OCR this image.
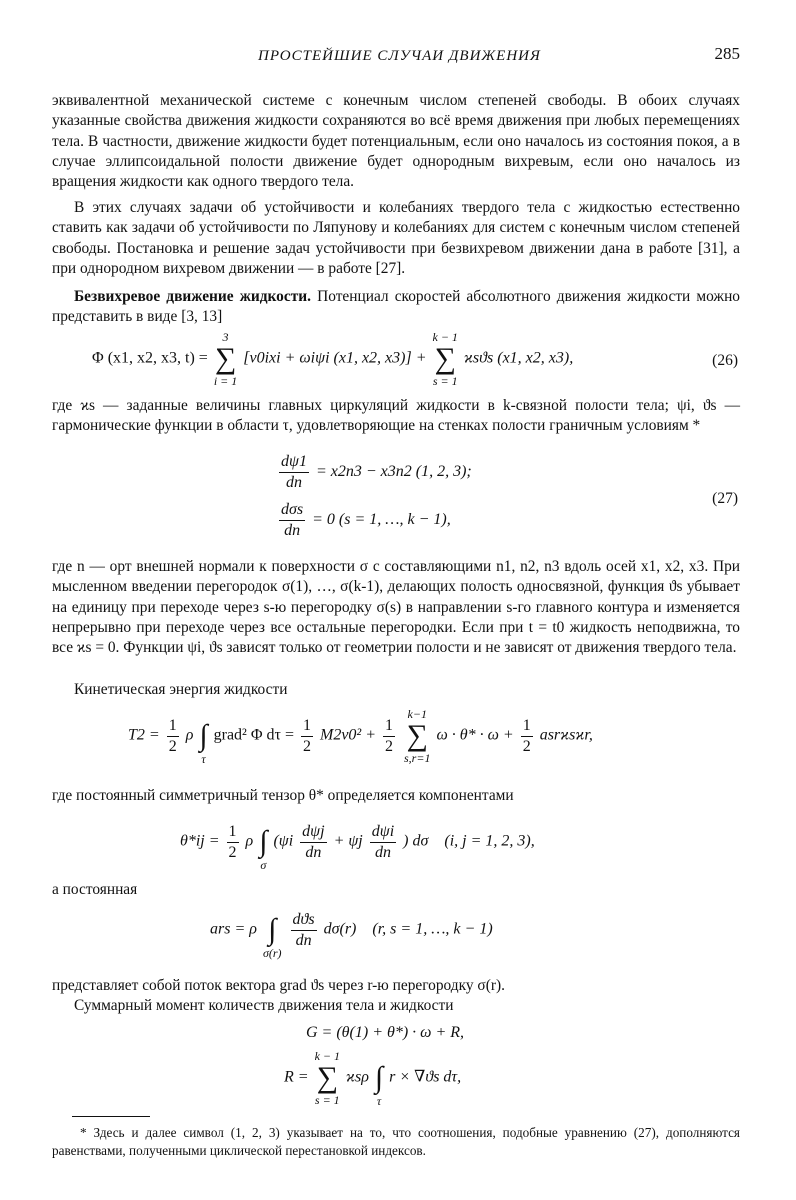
ПРОСТЕЙШИЕ СЛУЧАИ ДВИЖЕНИЯ	285

эквивалентной механической системе с конечным числом степеней свободы. В обоих случаях указанные свойства движения жидкости сохраняются во всё время движения при любых перемещениях тела. В частности, движение жидкости будет потенциальным, если оно началось из состояния покоя, а в случае эллипсоидальной полости движение будет однородным вихревым, если оно началось из вращения жидкости как одного твердого тела.

В этих случаях задачи об устойчивости и колебаниях твердого тела с жидкостью естественно ставить как задачи об устойчивости по Ляпунову и колебаниях для систем с конечным числом степеней свободы. Постановка и решение задач устойчивости при безвихревом движении дана в работе [31], а при однородном вихревом движении — в работе [27].

Безвихревое движение жидкости. Потенциал скоростей абсолютного движения жидкости можно представить в виде [3, 13]

Φ (x1, x2, x3, t) =
3
∑
i = 1
[v0ixi + ωiψi (x1, x2, x3)] +
k − 1
∑
s = 1
ϰsϑs (x1, x2, x3),	(26)

где ϰs — заданные величины главных циркуляций жидкости в k-связной полости тела; ψi, ϑs — гармонические функции в области τ, удовлетворяющие на стенках полости граничным условиям *

$\frac{d\psi 1}{dn} = x2n3 - x3n2$ (1, 2, 3);
$\frac{\text{dσs}}{dn} = 0$ (s = 1, …, k − 1),
(27)

где n — орт внешней нормали к поверхности σ с составляющими n1, n2, n3 вдоль осей x1, x2, x3. При мысленном введении перегородок σ(1), …, σ(k-1), делающих полость односвязной, функция ϑs убывает на единицу при переходе через s-ю перегородку σ(s) в направлении s-го главного контура и изменяется непрерывно при переходе через все остальные перегородки. Если при t = t0 жидкость неподвижна, то все ϰs = 0. Функции ψi, ϑs зависят только от геометрии полости и не зависят от движения твердого тела.

Кинетическая энергия жидкости

$T2 = \frac{1}{2}$ ρ
∫
τ
grad² Φ $d\tau = \frac{1}{2} M2v0^2 + \frac{1}{2}$

k−1
∑
s,r=1
$\omega \cdot \theta* \cdot \omega + \frac{1}{2} asrϰsϰr$,

где постоянный симметричный тензор θ* определяется компонентами

$\theta*ij = \frac{1}{2}$ ρ
∫
σ
($\psi i \frac{\text{dψj}}{dn} + \psi j \frac{\text{dψi}}{dn}$ ) dσ (i, j = 1, 2, 3),

а постоянная

ars = ρ
∫
σ(r)

$\frac{\text{dϑs}}{dn} d\sigma(r)$ (r, s = 1, …, k − 1)

представляет собой поток вектора grad ϑs через r-ю перегородку σ(r).

Суммарный момент количеств движения тела и жидкости

G = (θ(1) + θ*) · ω + R,
R =
k − 1
∑
s = 1
ϰsρ
∫
τ
r × ∇ϑs dτ,
* Здесь и далее символ (1, 2, 3) указывает на то, что соотношения, подобные уравнению (27), дополняются равенствами, полученными циклической перестановкой индексов.
